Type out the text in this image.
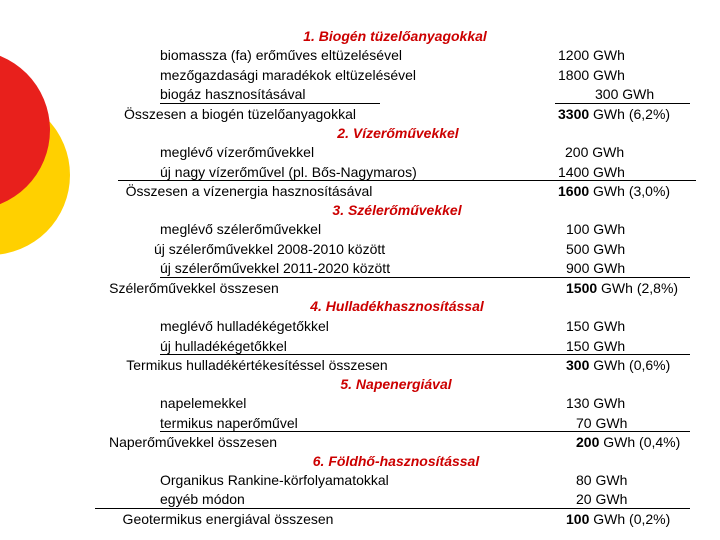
1. Biogén tüzelőanyagokkal
biomassza (fa) erőműves eltüzelésével	1200 GWh
mezőgazdasági maradékok eltüzelésével	1800 GWh
biogáz hasznosításával	300 GWh
Összesen a biogén tüzelőanyagokkal	3300 GWh (6,2%)
2. Vízerőművekkel
meglévő vízerőművekkel	200 GWh
új nagy vízerőművel (pl. Bős-Nagymaros)	1400 GWh
Összesen a vízenergia hasznosításával	1600 GWh (3,0%)
3. Szélerőművekkel
meglévő szélerőművekkel	100 GWh
új szélerőművekkel 2008-2010 között	500 GWh
új szélerőművekkel 2011-2020 között	900 GWh
Szélerőművekkel összesen	1500 GWh (2,8%)
4. Hulladékhasznosítással
meglévő hulladékégetőkkel	150 GWh
új hulladékégetőkkel	150 GWh
Termikus hulladékértékesítéssel összesen	300 GWh (0,6%)
5. Napenergiával
napelemekkel	130 GWh
termikus naperőművel	70 GWh
Naperőművekkel összesen	200 GWh (0,4%)
6. Földhő-hasznosítással
Organikus Rankine-körfolyamatokkal	80 GWh
egyéb módon	20 GWh
Geotermikus energiával összesen	100 GWh (0,2%)
